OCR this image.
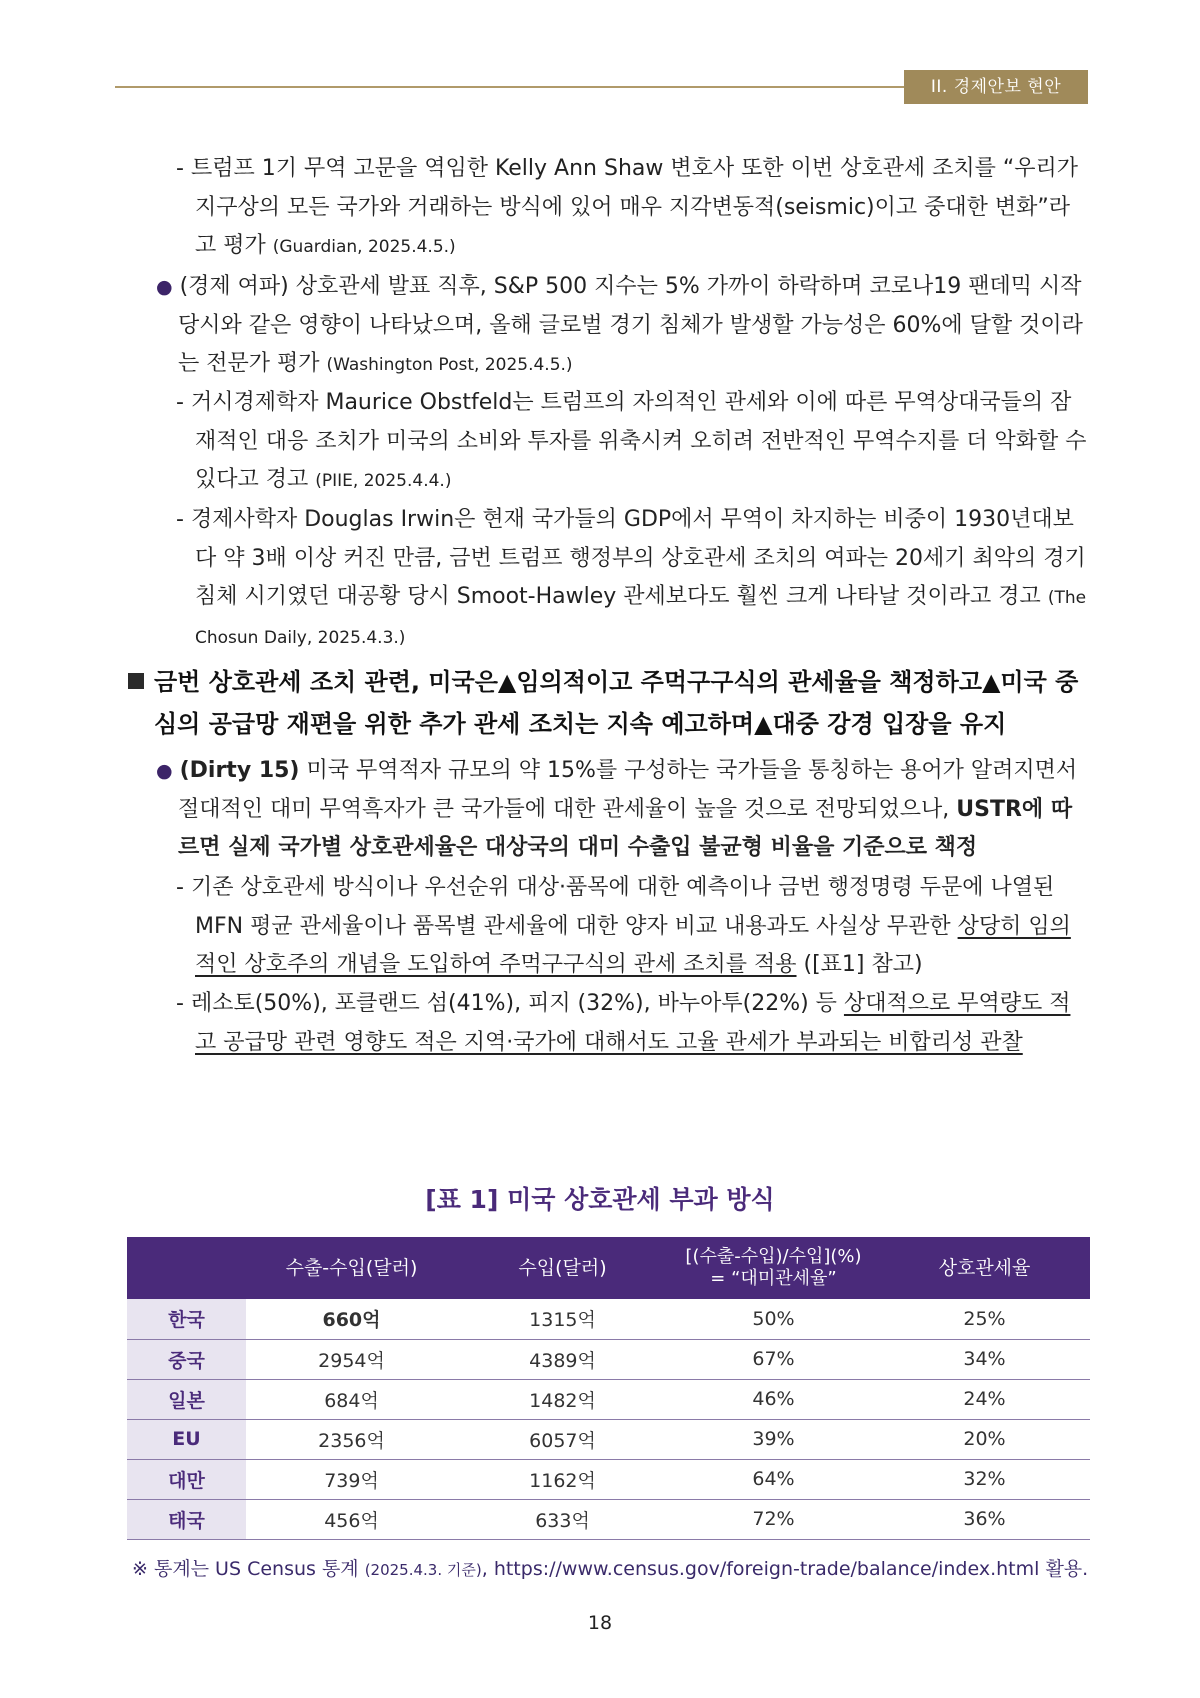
II. 경제안보 현안
- 트럼프 1기 무역 고문을 역임한 Kelly Ann Shaw 변호사 또한 이번 상호관세 조치를 “우리가 지구상의 모든 국가와 거래하는 방식에 있어 매우 지각변동적(seismic)이고 중대한 변화”라고 평가 (Guardian, 2025.4.5.)
● (경제 여파) 상호관세 발표 직후, S&P 500 지수는 5% 가까이 하락하며 코로나19 팬데믹 시작 당시와 같은 영향이 나타났으며, 올해 글로벌 경기 침체가 발생할 가능성은 60%에 달할 것이라는 전문가 평가 (Washington Post, 2025.4.5.)
- 거시경제학자 Maurice Obstfeld는 트럼프의 자의적인 관세와 이에 따른 무역상대국들의 잠재적인 대응 조치가 미국의 소비와 투자를 위축시켜 오히려 전반적인 무역수지를 더 악화할 수 있다고 경고 (PIIE, 2025.4.4.)
- 경제사학자 Douglas Irwin은 현재 국가들의 GDP에서 무역이 차지하는 비중이 1930년대보다 약 3배 이상 커진 만큼, 금번 트럼프 행정부의 상호관세 조치의 여파는 20세기 최악의 경기 침체 시기였던 대공황 당시 Smoot-Hawley 관세보다도 훨씬 크게 나타날 것이라고 경고 (The Chosun Daily, 2025.4.3.)
금번 상호관세 조치 관련, 미국은▲임의적이고 주먹구구식의 관세율을 책정하고▲미국 중심의 공급망 재편을 위한 추가 관세 조치는 지속 예고하며▲대중 강경 입장을 유지
● (Dirty 15) 미국 무역적자 규모의 약 15%를 구성하는 국가들을 통칭하는 용어가 알려지면서 절대적인 대미 무역흑자가 큰 국가들에 대한 관세율이 높을 것으로 전망되었으나, USTR에 따르면 실제 국가별 상호관세율은 대상국의 대미 수출입 불균형 비율을 기준으로 책정
- 기존 상호관세 방식이나 우선순위 대상·품목에 대한 예측이나 금번 행정명령 두문에 나열된 MFN 평균 관세율이나 품목별 관세율에 대한 양자 비교 내용과도 사실상 무관한 상당히 임의적인 상호주의 개념을 도입하여 주먹구구식의 관세 조치를 적용 ([표1] 참고)
- 레소토(50%), 포클랜드 섬(41%), 피지 (32%), 바누아투(22%) 등 상대적으로 무역량도 적고 공급망 관련 영향도 적은 지역·국가에 대해서도 고율 관세가 부과되는 비합리성 관찰
[표 1] 미국 상호관세 부과 방식
	수출-수입(달러)	수입(달러)	[(수출-수입)/수입](%)
= “대미관세율”	상호관세율
한국	660억	1315억	50%	25%
중국	2954억	4389억	67%	34%
일본	684억	1482억	46%	24%
EU	2356억	6057억	39%	20%
대만	739억	1162억	64%	32%
태국	456억	633억	72%	36%
※ 통계는 US Census 통계 (2025.4.3. 기준), https://www.census.gov/foreign-trade/balance/index.html 활용.
18
